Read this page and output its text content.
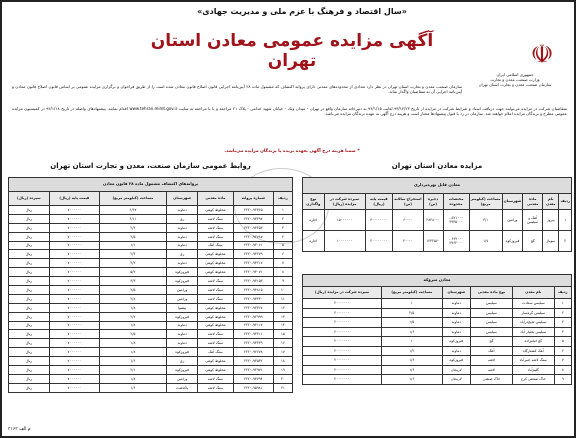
«سال اقتصاد و فرهنگ با عزم ملی و مدیریت جهادی»
☫
جمهوری اسلامی ایران
وزارت صنعت، معدن و تجارت
سازمان صنعت، معدن و تجارت استان تهران
آگهی مزایده عمومی معادن استان تهران
سازمان صنعت، معدن و تجارت استان تهران در نظر دارد تعدادی از محدوده‌های معدنی دارای پروانه اکتشاف که مشمول ماده ۲۸ آیین‌نامه اجرایی قانون اصلاح قانون معادن شده است را از طریق فراخوان و برگزاری مزایده عمومی بر اساس قانون اصلاح قانون معادن و آیین‌نامه اجرایی آن به متقاضیان واگذار نماید.
متقاضیان شرکت در مزایده می‌توانند جهت دریافت اسناد و شرایط شرکت در مزایده از تاریخ ۹۳/۱۲/۲۳ لغایت ۹۴/۱/۱۵ به دبیرخانه سازمان واقع در تهران - میدان ونک - خیابان شهید خدامی - پلاک ۲۱ مراجعه و یا با مراجعه به سایت www.tehran.mimt.gov.ir اقدام نمایند. پیشنهادهای واصله در تاریخ ۹۴/۱/۱۸ در کمیسیون مزایده عمومی مطرح و برندگان مزایده اعلام خواهند شد. سازمان در رد یا قبول پیشنهادها مختار است و هزینه درج آگهی به عهده برندگان مزایده می‌باشد.
* ضمنا هزینه درج آگهی بعهده برنده یا برندگان مزایده می‌باشد.

مزایده معادن استان تهران
معادن قابل بهره‌برداری										
ردیف	نام معدن	ماده معدنی	شهرستان	مساحت (کیلومتر مربع)	مختصات محدوده	ذخیره (تن)	استخراج سالانه (تن)	قیمت پایه (ریال)	سپرده شرکت در مزایده (ریال)	نوع واگذاری
۱	پیروز	آهک و سیلیس	ورامین	۳/۱	۵۲۱۰۰۰ - ۳۹۳۵۰۰۰	۲۸۴۸۰۰۰	۶۰۰۰۰	۳۰۰۰۰۰۰۰۰	۱۵۰۰۰۰۰۰	اجاره
۲	سوباژ	گچ	فیروزکوه	۱/۷	۶۴۲۰۰۰ - ۳۹۶۲۰۰۰	۱۲۴۴۵۶۰	۴۰۰۰۰	۲۰۰۰۰۰۰۰۰	۱۰۰۰۰۰۰۰	اجاره
معادن متروکه					
ردیف	نام معدن	نوع ماده معدنی	شهرستان	مساحت (کیلومتر مربع)	سپرده شرکت در مزایده (ریال)
۱	سیلیس سعادت	سیلیس	دماوند	۱	۲۰۰۰۰۰۰۰
۲	سیلیس گرمسار	سیلیس	دماوند	۲/۵	۲۰۰۰۰۰۰۰
۳	سیلیس شیخ‌درآباد	سیلیس	دماوند	۱/۵	۲۰۰۰۰۰۰۰
۴	سیلیس بختیار آباد	سیلیس	دماوند	۱/۶	۲۰۰۰۰۰۰۰
۵	گچ امامزاده	گچ	فیروزکوه	۱	۲۰۰۰۰۰۰۰
۶	آهک کشتارگاه	آهک	دماوند	۱/۲	۲۰۰۰۰۰۰۰
۷	سنگ لاشه امیرآباد	لاشه	فیروزکوه	۱/۶	۲۰۰۰۰۰۰۰
۸	گلیم‌آباد	لاشه	لاریجان	۱/۶	۲۰۰۰۰۰۰۰
۹	خاک صنعتی کرج	خاک صنعتی	لاریجان	۱/۶	۲۰۰۰۰۰۰۰
روابط عمومی سازمان صنعت، معدن و تجارت استان تهران
پروانه‌های اکتشاف مشمول ماده ۲۸ قانون معادن						
ردیف	شماره پروانه	ماده معدنی	شهرستان	مساحت (کیلومتر مربع)	قیمت پایه (ریال)	سپرده (ریال)
۱	۲۲۲۰-۹۲۴۶۵	مخلوط کوهی	دماوند	۶/۶۷	۷۰۰۰۰۰۰	ریال
۲	۲۲۲۰-۹۳۴۹۷	سنگ لاشه	ری	۶/۱۱	۷۰۰۰۰۰۰	ریال
۳	۲۲۲۰-۹۳۴۵۴	سنگ لاشه	دماوند	۲/۲	۷۰۰۰۰۰۰	ریال
۴	۲۲۲۰-۹۲۷۸۷	سنگ لاشه	دماوند	۲/۵	۷۰۰۰۰۰۰	ریال
۵	۲۲۲۰-۹۲۰۶۱	سنگ آهک	دماوند	۱/۱	۷۰۰۰۰۰۰	ریال
۶	۲۲۲۰-۹۳۲۷۹	مخلوط کوهی	ری	۲/۴	۷۰۰۰۰۰۰	ریال
۷	۲۲۲۰-۹۳۲۱۷	مخلوط کوهی	دماوند	۴/۲	۷۰۰۰۰۰۰	ریال
۸	۲۲۲۰-۹۳۰۷۱	مخلوط کوهی	فیروزکوه	۵/۲	۷۰۰۰۰۰۰	ریال
۹	۲۲۲۰-۹۳۱۵۳	سنگ لاشه	فیروزکوه	۳/۳	۷۰۰۰۰۰۰	ریال
۱۰	۲۲۲۰-۹۴۸۱۵	سنگ لاشه	ورامین	۲/۵	۷۰۰۰۰۰۰	ریال
۱۱	۲۲۲۰-۹۳۴۳۰	سنگ لاشه	ورامین	۲/۸	۷۰۰۰۰۰۰	ریال
۱۲	۲۲۲۰-۹۲۳۶۷	مخلوط کوهی	پیشوا	۱/۸	۷۰۰۰۰۰۰	ریال
۱۳	۲۲۲۰-۹۲۹۹۹	مخلوط کوهی	فیروزکوه	۲/۲	۷۰۰۰۰۰۰	ریال
۱۴	۲۲۲۰-۹۴۱۱۷	مخلوط کوهی	دماوند	۱/۸	۷۰۰۰۰۰۰	ریال
۱۵	۲۲۲۰-۹۳۴۱۱	سنگ لاشه	دماوند	۲/۵	۷۰۰۰۰۰۰	ریال
۱۶	۲۲۲۰-۹۳۴۳۹	سنگ لاشه	دماوند	۱/۸	۷۰۰۰۰۰۰	ریال
۱۷	۲۲۲۰-۹۲۶۷۸	سنگ آهک	فیروزکوه	۱/۸	۷۰۰۰۰۰۰	ریال
۱۸	۲۲۲۰-۹۳۵۳۲	مخلوط کوهی	ری	۱/۶	۷۰۰۰۰۰۰	ریال
۱۹	۲۲۲۰-۹۲۹۷۱	مخلوط کوهی	فیروزکوه	۲/۱	۷۰۰۰۰۰۰	ریال
۲۰	۲۲۲۰-۹۳۷۹۴	سنگ لاشه	ورامین	۱/۸	۷۰۰۰۰۰۰	ریال
۲۱	۲۲۲۰-۹۵۹۸۱	سنگ لاشه	پاکدشت	۱/۶	۷۰۰۰۰۰۰	ریال
م الف ۳۱۶۳
